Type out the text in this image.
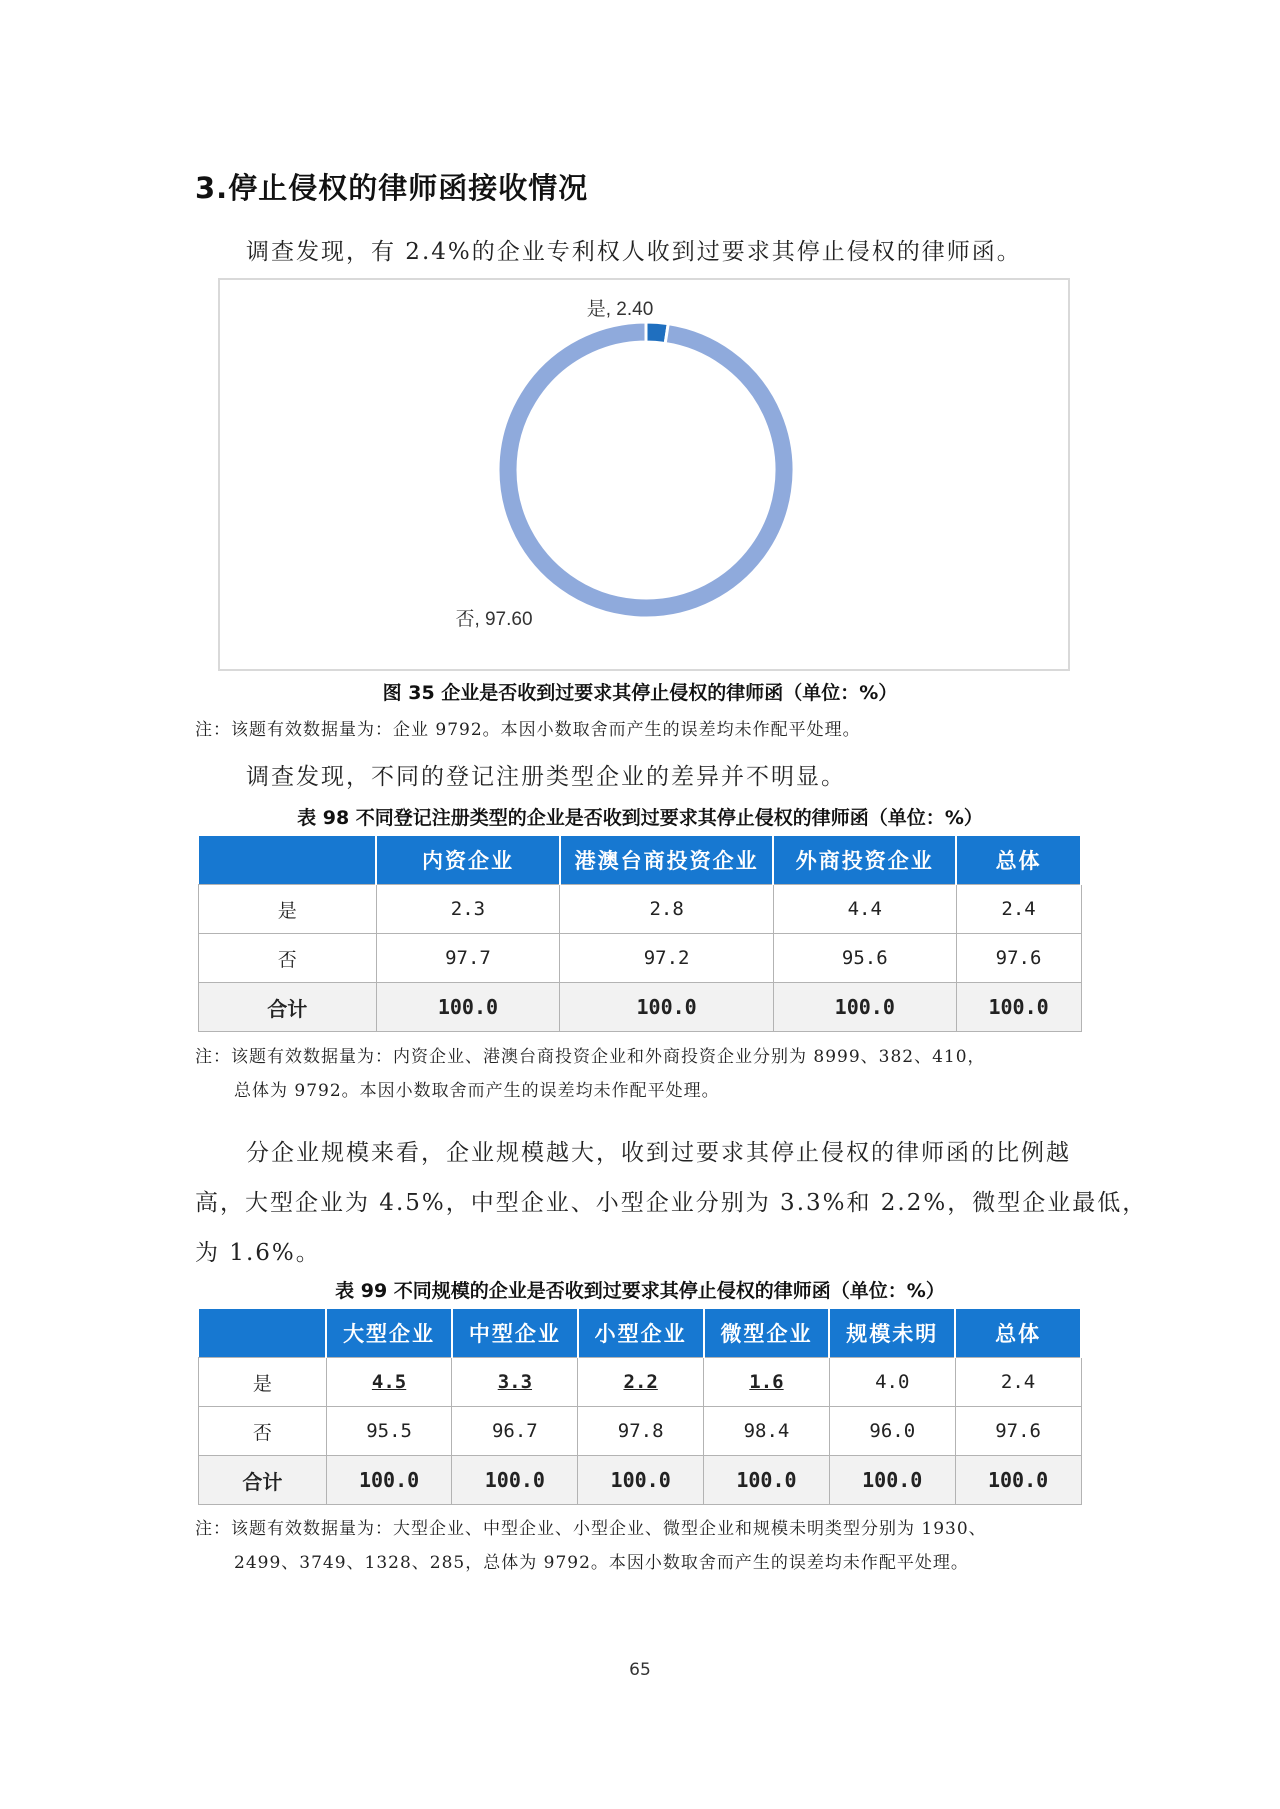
3.停止侵权的律师函接收情况
调查发现，有 2.4%的企业专利权人收到过要求其停止侵权的律师函。
是, 2.40
否, 97.60
图 35 企业是否收到过要求其停止侵权的律师函（单位：%）
注：该题有效数据量为：企业 9792。本因小数取舍而产生的误差均未作配平处理。
调查发现，不同的登记注册类型企业的差异并不明显。
表 98 不同登记注册类型的企业是否收到过要求其停止侵权的律师函（单位：%）
	内资企业	港澳台商投资企业	外商投资企业	总体
是	2.3	2.8	4.4	2.4
否	97.7	97.2	95.6	97.6
合计	100.0	100.0	100.0	100.0
注：该题有效数据量为：内资企业、港澳台商投资企业和外商投资企业分别为 8999、382、410，
总体为 9792。本因小数取舍而产生的误差均未作配平处理。
分企业规模来看，企业规模越大，收到过要求其停止侵权的律师函的比例越
高，大型企业为 4.5%，中型企业、小型企业分别为 3.3%和 2.2%，微型企业最低，
为 1.6%。
表 99 不同规模的企业是否收到过要求其停止侵权的律师函（单位：%）
	大型企业	中型企业	小型企业	微型企业	规模未明	总体
是	4.5	3.3	2.2	1.6	4.0	2.4
否	95.5	96.7	97.8	98.4	96.0	97.6
合计	100.0	100.0	100.0	100.0	100.0	100.0
注：该题有效数据量为：大型企业、中型企业、小型企业、微型企业和规模未明类型分别为 1930、
2499、3749、1328、285，总体为 9792。本因小数取舍而产生的误差均未作配平处理。
65
